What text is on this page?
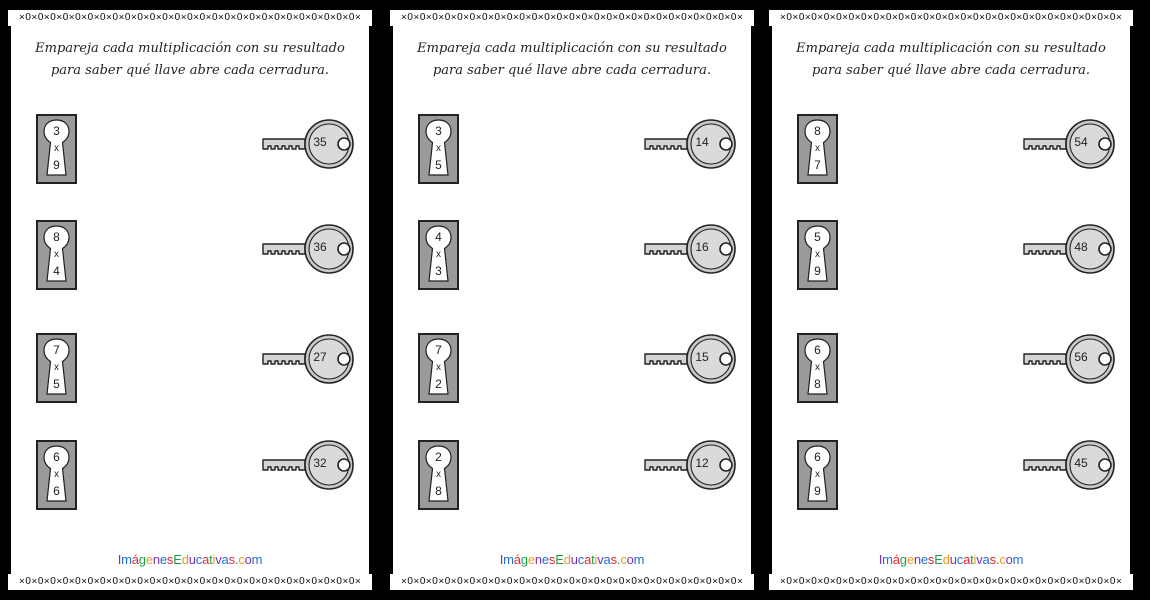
×O×O×O×O×O×O×O×O×O×O×O×O×O×O×O×O×O×O×O×O×O×O×O×O×O×O×O×
×O×O×O×O×O×O×O×O×O×O×O×O×O×O×O×O×O×O×O×O×O×O×O×O×O×O×O×
Empareja cada multiplicación con su resultado
para saber qué llave abre cada cerradura.
3
x
9
8
x
4
7
x
5
6
x
6
35
36
27
32
ImágenesEducativas.com
×O×O×O×O×O×O×O×O×O×O×O×O×O×O×O×O×O×O×O×O×O×O×O×O×O×O×O×
×O×O×O×O×O×O×O×O×O×O×O×O×O×O×O×O×O×O×O×O×O×O×O×O×O×O×O×
Empareja cada multiplicación con su resultado
para saber qué llave abre cada cerradura.
3
x
5
4
x
3
7
x
2
2
x
8
14
16
15
12
ImágenesEducativas.com
×O×O×O×O×O×O×O×O×O×O×O×O×O×O×O×O×O×O×O×O×O×O×O×O×O×O×O×
×O×O×O×O×O×O×O×O×O×O×O×O×O×O×O×O×O×O×O×O×O×O×O×O×O×O×O×
Empareja cada multiplicación con su resultado
para saber qué llave abre cada cerradura.
8
x
7
5
x
9
6
x
8
6
x
9
54
48
56
45
ImágenesEducativas.com
